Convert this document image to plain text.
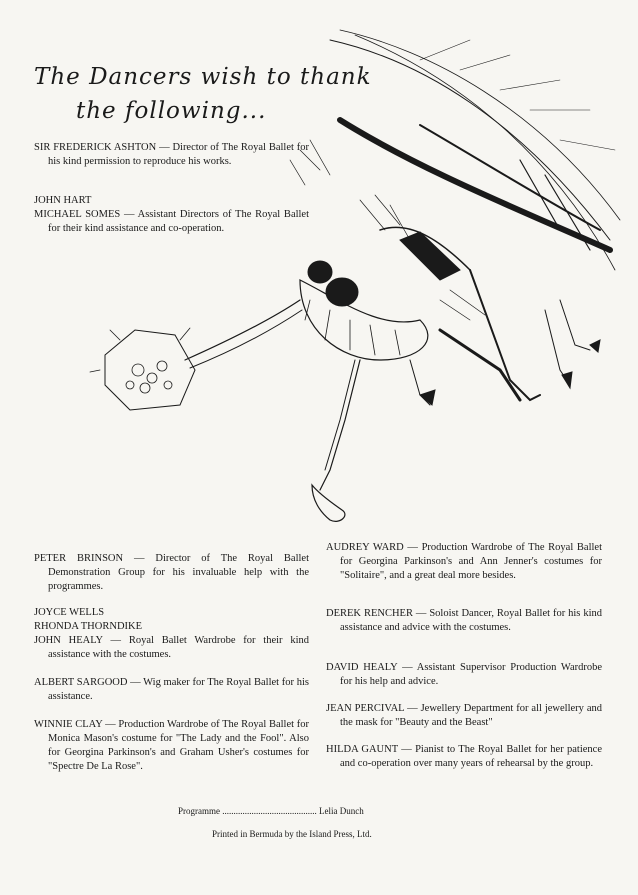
The Dancers wish to thank
the following...

SIR FREDERICK ASHTON — Director of The Royal Ballet for his kind permission to reproduce his works.

JOHN HART

MICHAEL SOMES — Assistant Directors of The Royal Ballet for their kind assistance and co-operation.

PETER BRINSON — Director of The Royal Ballet Demonstration Group for his invaluable help with the programmes.

JOYCE WELLS

RHONDA THORNDIKE

JOHN HEALY — Royal Ballet Wardrobe for their kind assistance with the costumes.

ALBERT SARGOOD — Wig maker for The Royal Ballet for his assistance.

WINNIE CLAY — Production Wardrobe of The Royal Ballet for Monica Mason's costume for "The Lady and the Fool". Also for Georgina Parkinson's and Graham Usher's costumes for "Spectre De La Rose".

AUDREY WARD — Production Wardrobe of The Royal Ballet for Georgina Parkinson's and Ann Jenner's costumes for "Solitaire", and a great deal more besides.

DEREK RENCHER — Soloist Dancer, Royal Ballet for his kind assistance and advice with the costumes.

DAVID HEALY — Assistant Supervisor Production Wardrobe for his help and advice.

JEAN PERCIVAL — Jewellery Department for all jewellery and the mask for "Beauty and the Beast"

HILDA GAUNT — Pianist to The Royal Ballet for her patience and co-operation over many years of rehearsal by the group.

Programme .......................................... Lelia Dunch
Printed in Bermuda by the Island Press, Ltd.
